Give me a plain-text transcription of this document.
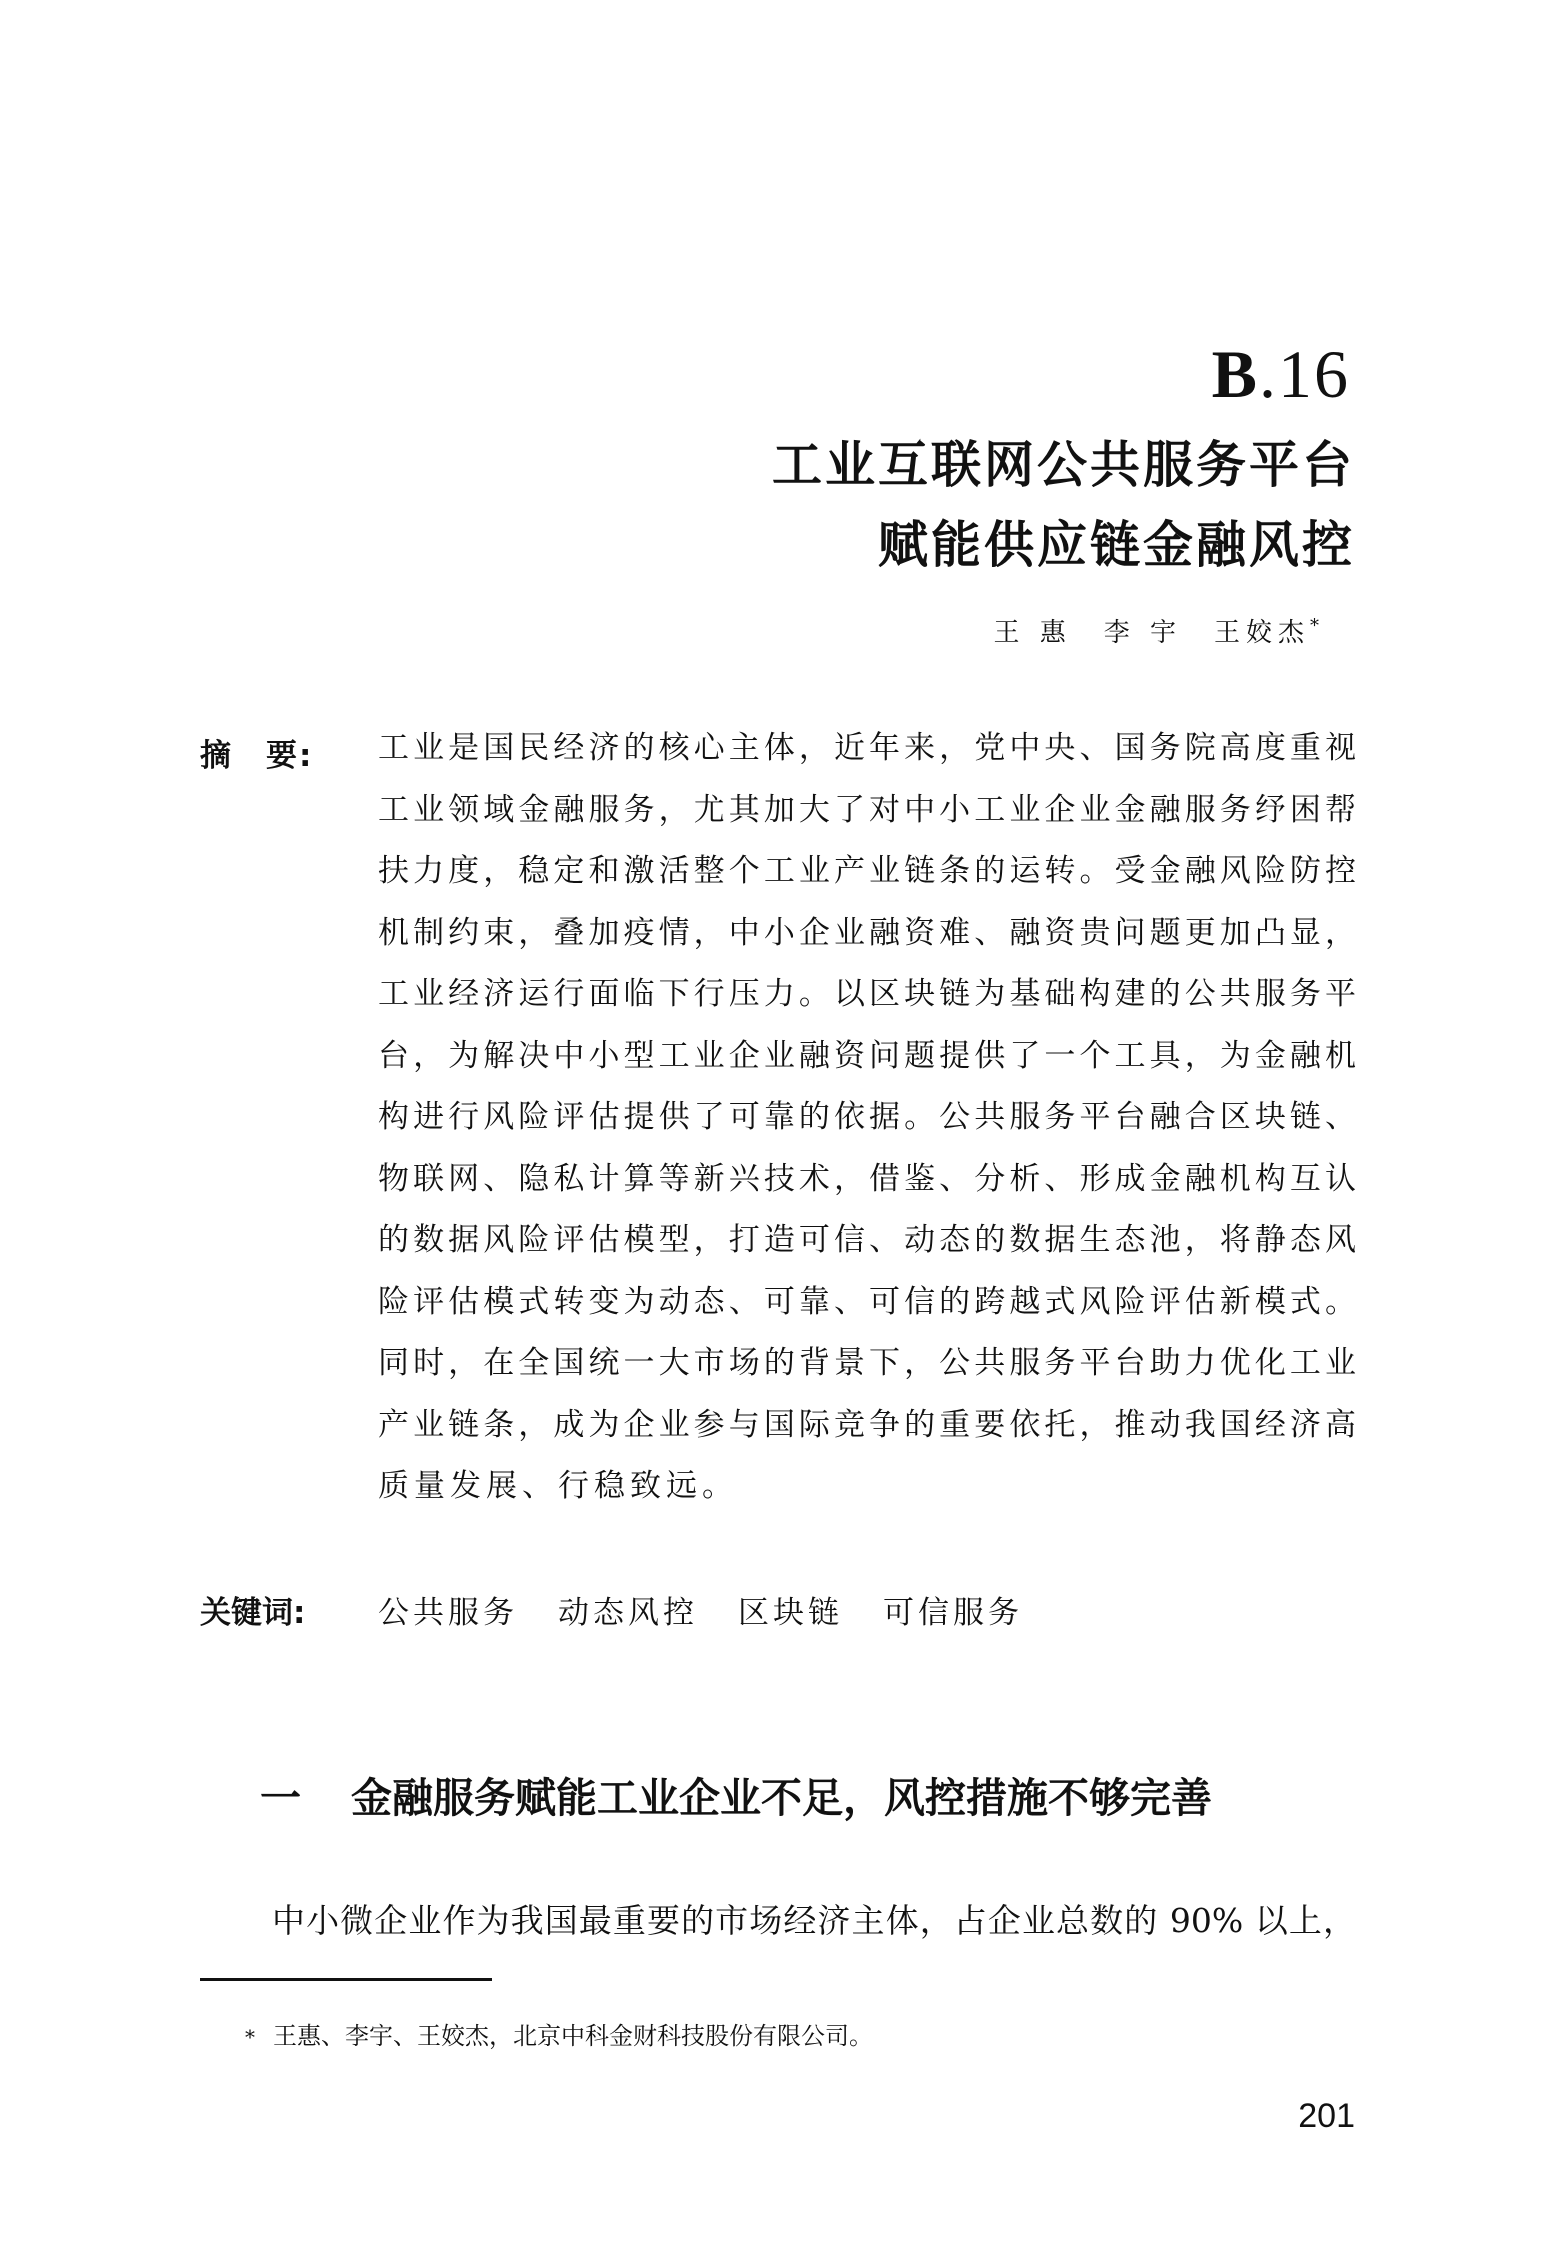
B.16
工业互联网公共服务平台
赋能供应链金融风控
王 惠　李 宇　王姣杰*
摘　要: 工业是国民经济的核心主体，近年来，党中央、国务院高度重视
工业领域金融服务，尤其加大了对中小工业企业金融服务纾困帮
扶力度，稳定和激活整个工业产业链条的运转。受金融风险防控
机制约束，叠加疫情，中小企业融资难、融资贵问题更加凸显，
工业经济运行面临下行压力。以区块链为基础构建的公共服务平
台，为解决中小型工业企业融资问题提供了一个工具，为金融机
构进行风险评估提供了可靠的依据。公共服务平台融合区块链、
物联网、隐私计算等新兴技术，借鉴、分析、形成金融机构互认
的数据风险评估模型，打造可信、动态的数据生态池，将静态风
险评估模式转变为动态、可靠、可信的跨越式风险评估新模式。
同时，在全国统一大市场的背景下，公共服务平台助力优化工业
产业链条，成为企业参与国际竞争的重要依托，推动我国经济高
质量发展、行稳致远。
关键词: 公共服务 动态风控 区块链 可信服务
一 金融服务赋能工业企业不足，风控措施不够完善
中小微企业作为我国最重要的市场经济主体，占企业总数的 90% 以上，
* 王惠、李宇、王姣杰，北京中科金财科技股份有限公司。
201
